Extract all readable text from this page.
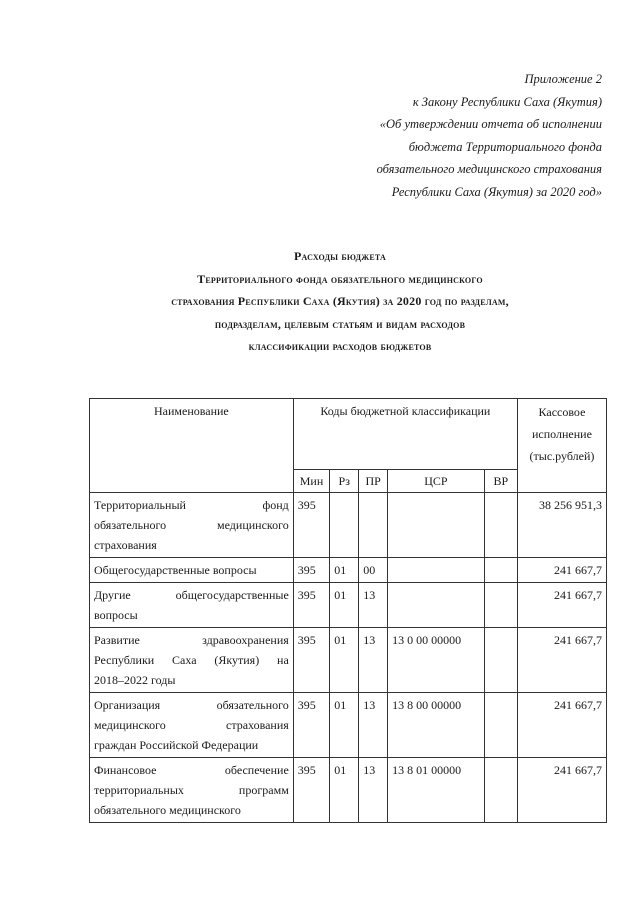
Приложение 2
к Закону Республики Саха (Якутия)
«Об утверждении отчета об исполнении
бюджета Территориального фонда
обязательного медицинского страхования
Республики Саха (Якутия) за 2020 год»
Расходы бюджета
Территориального фонда обязательного медицинского
страхования Республики Саха (Якутия) за 2020 год по разделам,
подразделам, целевым статьям и видам расходов
классификации расходов бюджетов
Наименование	Коды бюджетной классификации					Кассовое
исполнение
(тыс.рублей)

	Мин	Рз	ПР	ЦСР	ВР	

Территориальный фонд
обязательного медицинского
страхования	395					38 256 951,3

Общегосударственные вопросы	395	01	00			241 667,7

Другие общегосударственные
вопросы	395	01	13			241 667,7

Развитие здравоохранения
Республики Саха (Якутия) на
2018–2022 годы	395	01	13	13 0 00 00000		241 667,7

Организация обязательного
медицинского страхования
граждан Российской Федерации	395	01	13	13 8 00 00000		241 667,7

Финансовое обеспечение
территориальных программ
обязательного медицинского	395	01	13	13 8 01 00000		241 667,7
